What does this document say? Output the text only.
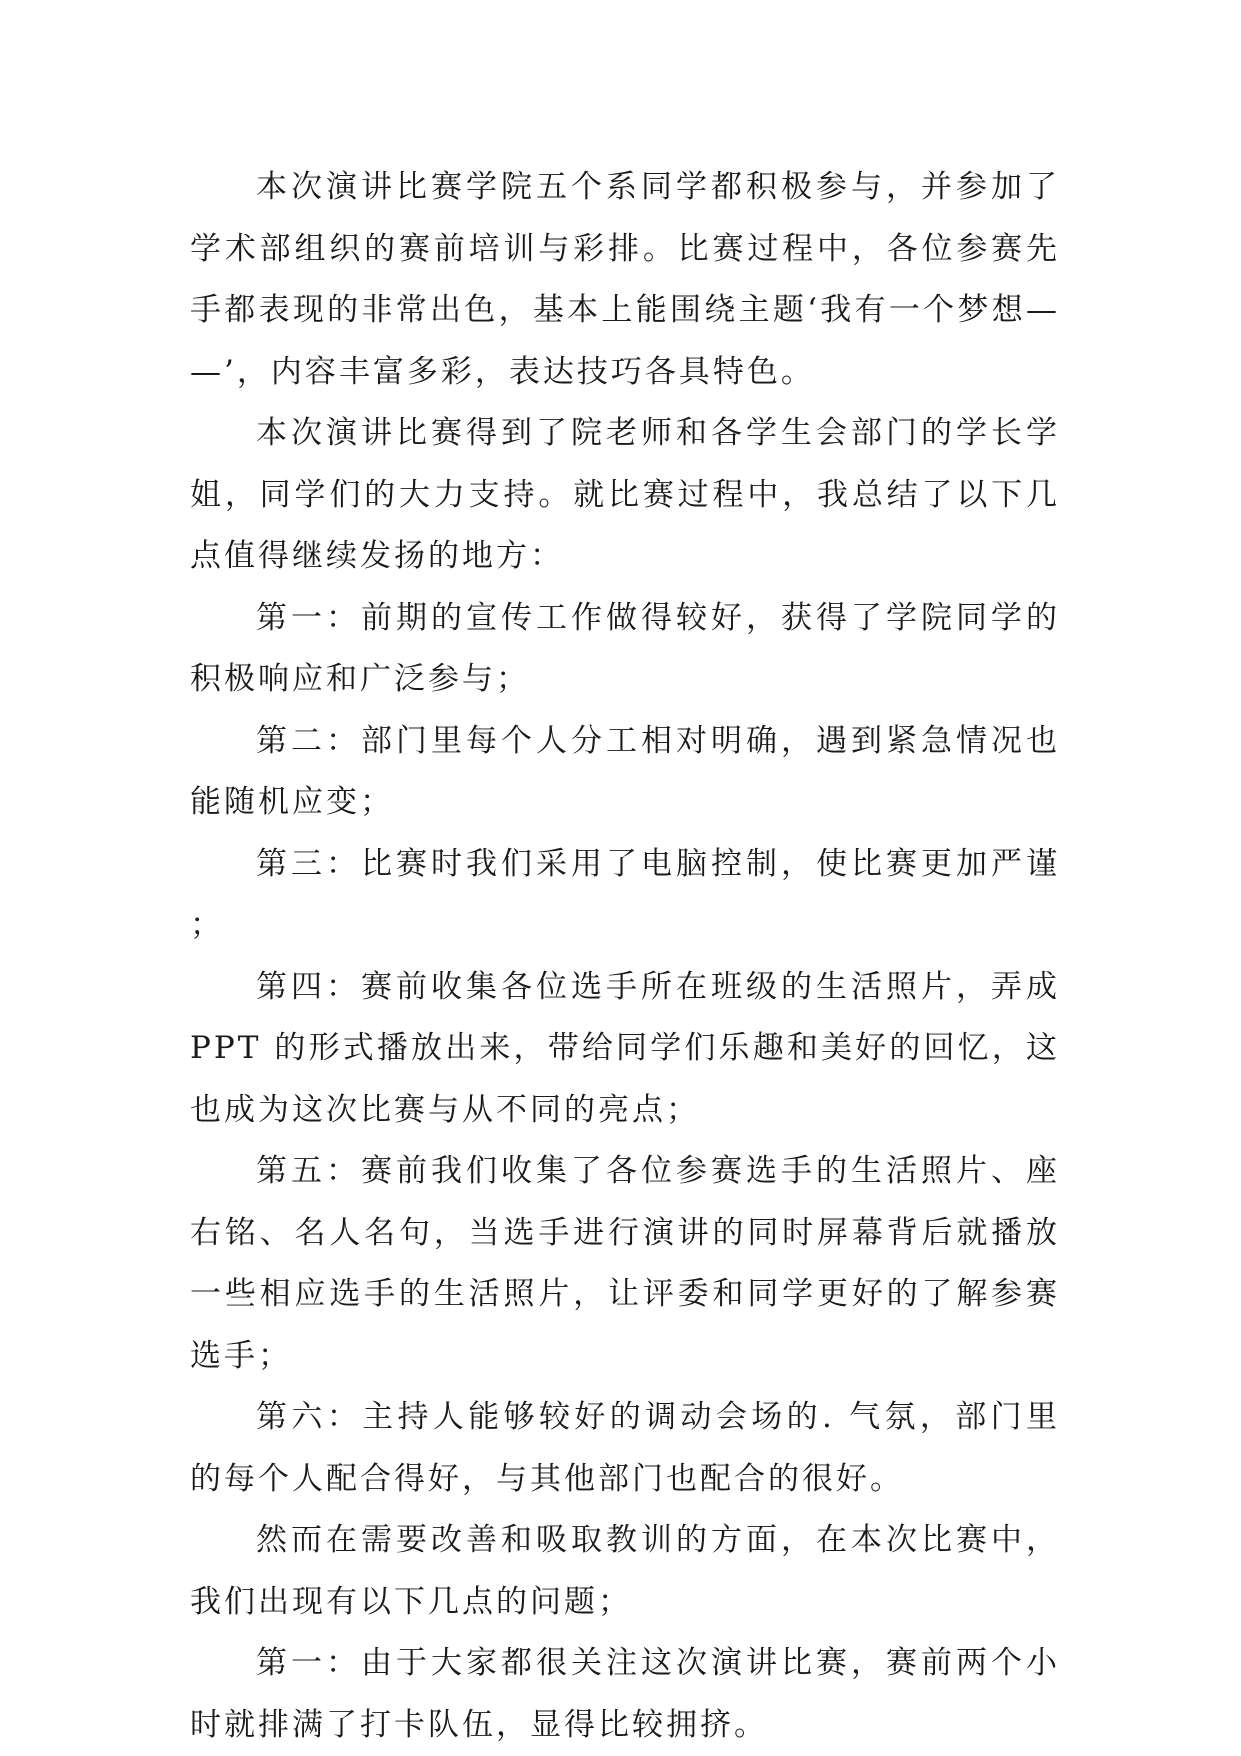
本次演讲比赛学院五个系同学都积极参与，并参加了学术部组织的赛前培训与彩排。比赛过程中，各位参赛先手都表现的非常出色，基本上能围绕主题‘我有一个梦想——’，内容丰富多彩，表达技巧各具特色。

本次演讲比赛得到了院老师和各学生会部门的学长学姐，同学们的大力支持。就比赛过程中，我总结了以下几点值得继续发扬的地方：

第一：前期的宣传工作做得较好，获得了学院同学的积极响应和广泛参与；

第二：部门里每个人分工相对明确，遇到紧急情况也能随机应变；

第三：比赛时我们采用了电脑控制，使比赛更加严谨；

第四：赛前收集各位选手所在班级的生活照片，弄成 PPT 的形式播放出来，带给同学们乐趣和美好的回忆，这也成为这次比赛与从不同的亮点；

第五：赛前我们收集了各位参赛选手的生活照片、座右铭、名人名句，当选手进行演讲的同时屏幕背后就播放一些相应选手的生活照片，让评委和同学更好的了解参赛选手；

第六：主持人能够较好的调动会场的. 气氛，部门里的每个人配合得好，与其他部门也配合的很好。

然而在需要改善和吸取教训的方面，在本次比赛中，我们出现有以下几点的问题；

第一：由于大家都很关注这次演讲比赛，赛前两个小时就排满了打卡队伍，显得比较拥挤。
